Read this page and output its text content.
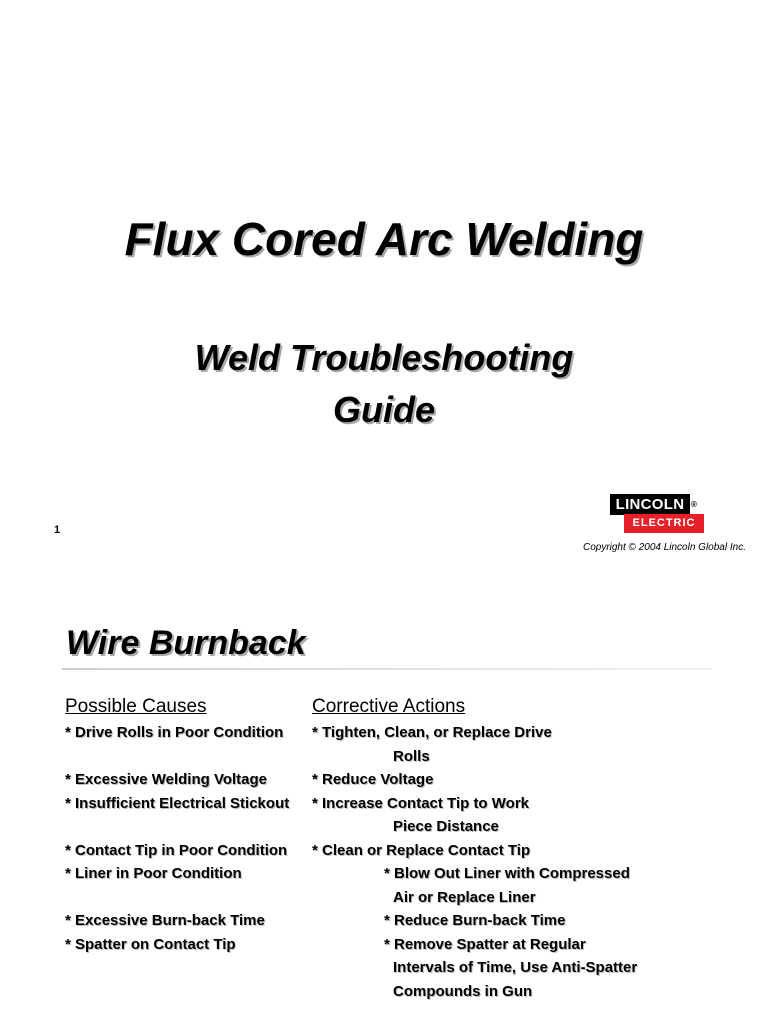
Flux Cored Arc Welding
Weld Troubleshooting
Guide
1
LINCOLN ®
ELECTRIC
Copyright © 2004 Lincoln Global Inc.
Wire Burnback
Possible Causes	Corrective Actions
* Drive Rolls in Poor Condition * Tighten, Clean, or Replace Drive
Rolls
* Excessive Welding Voltage	* Reduce Voltage
* Insufficient Electrical Stickout * Increase Contact Tip to Work
Piece Distance
* Contact Tip in Poor Condition * Clean or Replace Contact Tip
* Liner in Poor Condition	* Blow Out Liner with Compressed
Air or Replace Liner
* Excessive Burn-back Time	* Reduce Burn-back Time
* Spatter on Contact Tip	* Remove Spatter at Regular
Intervals of Time, Use Anti-Spatter
Compounds in Gun
